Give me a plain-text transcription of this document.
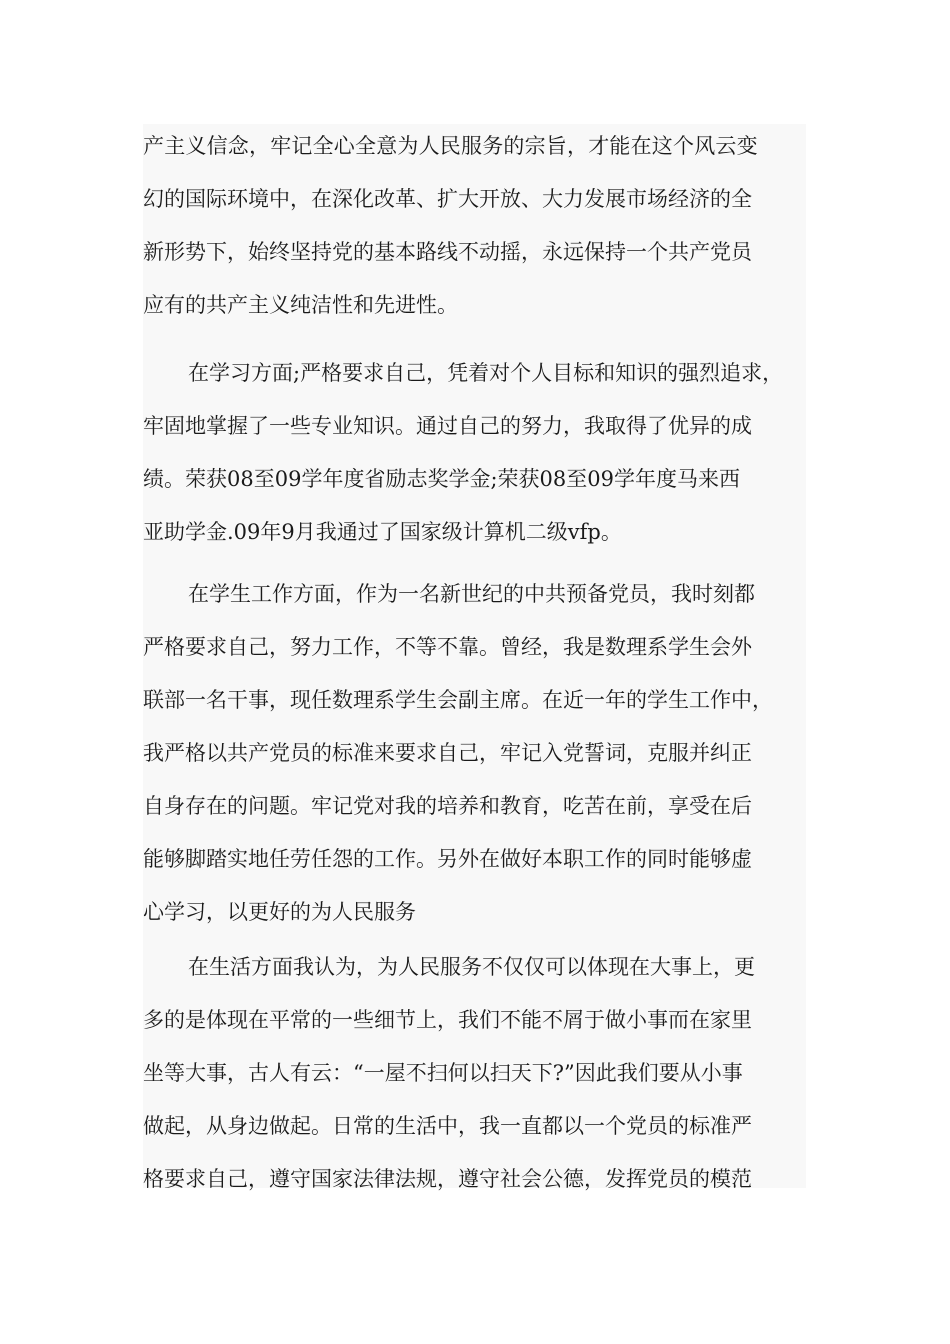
产主义信念，牢记全心全意为人民服务的宗旨，才能在这个风云变
幻的国际环境中，在深化改革、扩大开放、大力发展市场经济的全
新形势下，始终坚持党的基本路线不动摇，永远保持一个共产党员
应有的共产主义纯洁性和先进性。
在学习方面;严格要求自己，凭着对个人目标和知识的强烈追求，
牢固地掌握了一些专业知识。通过自己的努力，我取得了优异的成
绩。荣获08至09学年度省励志奖学金;荣获08至09学年度马来西
亚助学金.09年9月我通过了国家级计算机二级vfp。
在学生工作方面，作为一名新世纪的中共预备党员，我时刻都
严格要求自己，努力工作，不等不靠。曾经，我是数理系学生会外
联部一名干事，现任数理系学生会副主席。在近一年的学生工作中，
我严格以共产党员的标准来要求自己，牢记入党誓词，克服并纠正
自身存在的问题。牢记党对我的培养和教育，吃苦在前，享受在后
能够脚踏实地任劳任怨的工作。另外在做好本职工作的同时能够虚
心学习，以更好的为人民服务
在生活方面我认为，为人民服务不仅仅可以体现在大事上，更
多的是体现在平常的一些细节上，我们不能不屑于做小事而在家里
坐等大事，古人有云：“一屋不扫何以扫天下?”因此我们要从小事
做起，从身边做起。日常的生活中，我一直都以一个党员的标准严
格要求自己，遵守国家法律法规，遵守社会公德，发挥党员的模范
